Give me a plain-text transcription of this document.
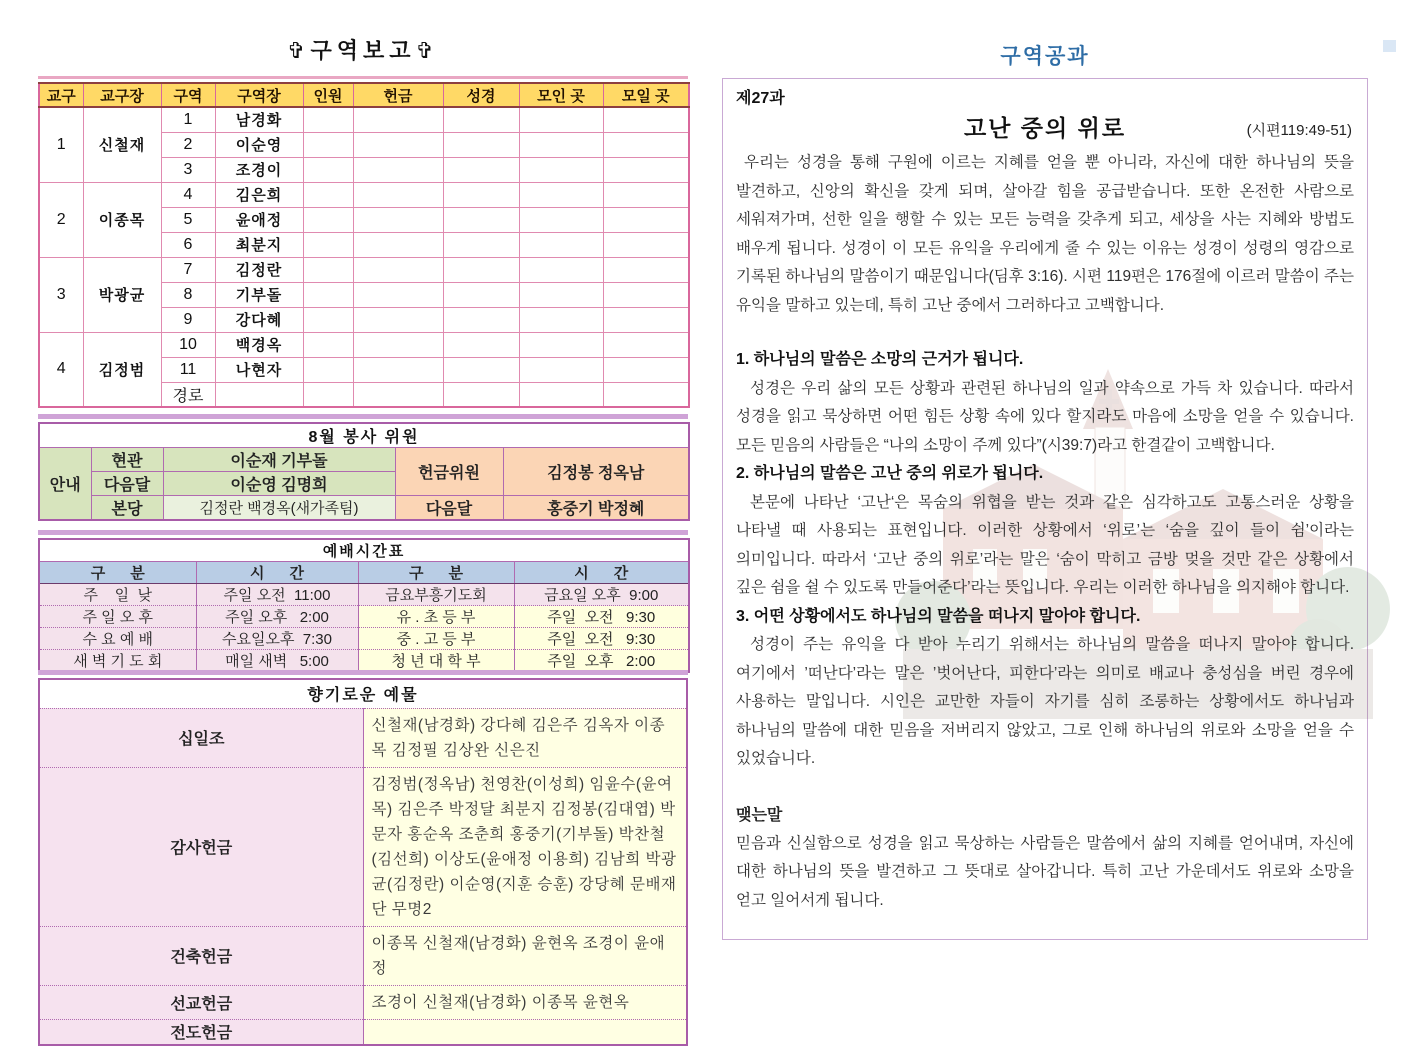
✞구역보고✞
교구	교구장	구역	구역장	인원	헌금	성경	모인 곳	모일 곳
1	신철재	1	남경화					
		2	이순영					
		3	조경이					
2	이종목	4	김은희					
		5	윤애정					
		6	최분지					
3	박광균	7	김정란					
		8	기부돌					
		9	강다혜					
4	김정범	10	백경옥					
		11	나현자					
		경로						
8월 봉사 위원				
안내	현관	이순재 기부돌	헌금위원	김정봉 정옥남
	다음달	이순영 김명희		
	본당	김정란 백경옥(새가족팀)	다음달	홍중기 박정혜
예배시간표			
구      분	시      간	구      분	시      간
주    일  낮	주일 오전  11:00	금요부흥기도회	금요일 오후  9:00
주 일 오 후	주일 오후   2:00	유 . 초 등 부	주일  오전   9:30
수 요 예 배	수요일오후  7:30	중 . 고 등 부	주일  오전   9:30
새 벽 기 도 회	매일 새벽   5:00	청 년 대 학 부	주일  오후   2:00
향기로운 예물	
십일조	신철재(남경화) 강다혜 김은주 김옥자 이종목 김정필 김상완 신은진
감사헌금	김정범(정옥남) 천영찬(이성희) 임윤수(윤여목) 김은주 박정달 최분지 김정봉(김대엽) 박문자 홍순옥 조춘희 홍중기(기부돌) 박찬철(김선희) 이상도(윤애정 이용희) 김남희 박광균(김정란) 이순영(지훈 승훈) 강당혜 문배재단 무명2
건축헌금	이종목 신철재(남경화) 윤현옥 조경이 윤애정
선교헌금	조경이 신철재(남경화) 이종목 윤현옥
전도헌금	
구역공과
제27과
고난 중의 위로	(시편119:49-51)

우리는 성경을 통해 구원에 이르는 지혜를 얻을 뿐 아니라, 자신에 대한 하나님의 뜻을 발견하고, 신앙의 확신을 갖게 되며, 살아갈 힘을 공급받습니다. 또한 온전한 사람으로 세워져가며, 선한 일을 행할 수 있는 모든 능력을 갖추게 되고, 세상을 사는 지혜와 방법도 배우게 됩니다. 성경이 이 모든 유익을 우리에게 줄 수 있는 이유는 성경이 성령의 영감으로 기록된 하나님의 말씀이기 때문입니다(딤후 3:16). 시편 119편은 176절에 이르러 말씀이 주는 유익을 말하고 있는데, 특히 고난 중에서 그러하다고 고백합니다.

1. 하나님의 말씀은 소망의 근거가 됩니다.

성경은 우리 삶의 모든 상황과 관련된 하나님의 일과 약속으로 가득 차 있습니다. 따라서 성경을 읽고 묵상하면 어떤 힘든 상황 속에 있다 할지라도 마음에 소망을 얻을 수 있습니다. 모든 믿음의 사람들은 “나의 소망이 주께 있다”(시39:7)라고 한결같이 고백합니다.

2. 하나님의 말씀은 고난 중의 위로가 됩니다.

본문에 나타난 ‘고난‘은 목숨의 위협을 받는 것과 같은 심각하고도 고통스러운 상황을 나타낼 때 사용되는 표현입니다. 이러한 상황에서 ‘위로’는 ‘숨을 깊이 들이 쉼’이라는 의미입니다. 따라서 ‘고난 중의 위로’라는 말은 ‘숨이 막히고 금방 멎을 것만 같은 상황에서 깊은 쉼을 쉴 수 있도록 만들어준다’라는 뜻입니다. 우리는 이러한 하나님을 의지해야 합니다.

3. 어떤 상황에서도 하나님의 말씀을 떠나지 말아야 합니다.

성경이 주는 유익을 다 받아 누리기 위해서는 하나님의 말씀을 떠나지 말아야 합니다. 여기에서 ’떠난다’라는 말은 ’벗어난다, 피한다’라는 의미로 배교나 충성심을 버린 경우에 사용하는 말입니다. 시인은 교만한 자들이 자기를 심히 조롱하는 상황에서도 하나님과 하나님의 말씀에 대한 믿음을 저버리지 않았고, 그로 인해 하나님의 위로와 소망을 얻을 수 있었습니다.

맺는말

믿음과 신실함으로 성경을 읽고 묵상하는 사람들은 말씀에서 삶의 지혜를 얻어내며, 자신에 대한 하나님의 뜻을 발견하고 그 뜻대로 살아갑니다. 특히 고난 가운데서도 위로와 소망을 얻고 일어서게 됩니다.
